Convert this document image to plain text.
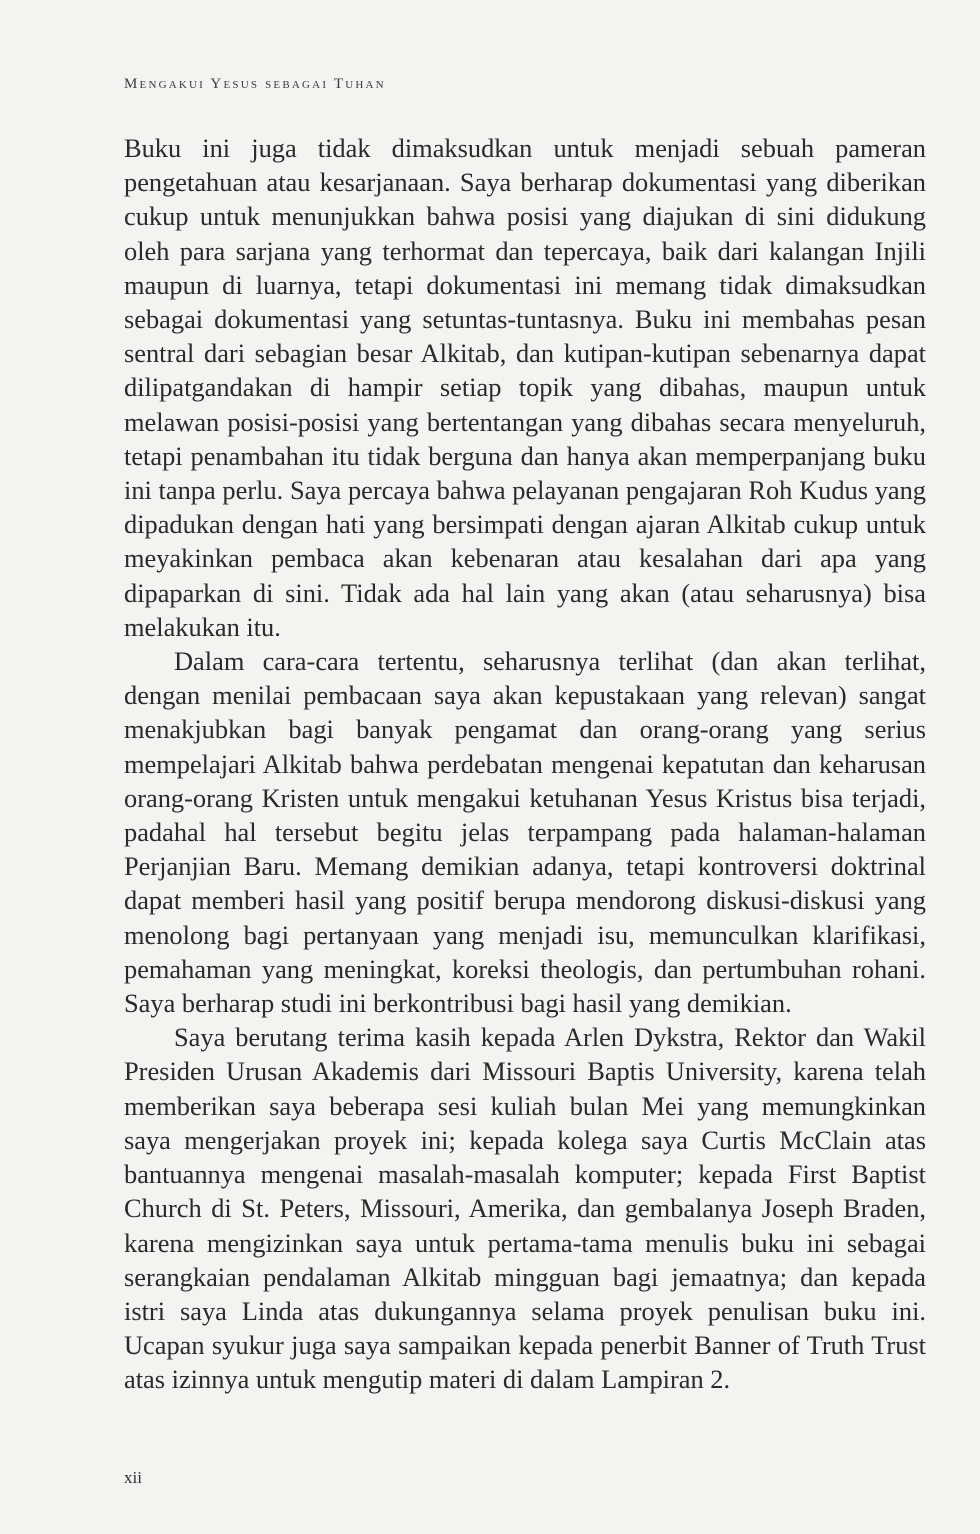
Mengakui Yesus sebagai Tuhan

Buku ini juga tidak dimaksudkan untuk menjadi sebuah pameran pengetahuan atau kesarjanaan. Saya berharap dokumentasi yang diberikan cukup untuk menunjukkan bahwa posisi yang diajukan di sini didukung oleh para sarjana yang terhormat dan tepercaya, baik dari kalangan Injili maupun di luarnya, tetapi dokumentasi ini memang tidak dimaksudkan sebagai dokumentasi yang setuntas-tuntasnya. Buku ini membahas pesan sentral dari sebagian besar Alkitab, dan kutipan-kutipan sebenarnya dapat dilipatgandakan di hampir setiap topik yang dibahas, maupun untuk melawan posisi-posisi yang bertentangan yang dibahas secara menyeluruh, tetapi penambahan itu tidak berguna dan hanya akan memperpanjang buku ini tanpa perlu. Saya percaya bahwa pelayanan pengajaran Roh Kudus yang dipadukan dengan hati yang bersimpati dengan ajaran Alkitab cukup untuk meyakinkan pembaca akan kebenaran atau kesalahan dari apa yang dipaparkan di sini. Tidak ada hal lain yang akan (atau seharusnya) bisa melakukan itu.

Dalam cara-cara tertentu, seharusnya terlihat (dan akan terlihat, dengan menilai pembacaan saya akan kepustakaan yang relevan) sangat menakjubkan bagi banyak pengamat dan orang-orang yang serius mempelajari Alkitab bahwa perdebatan mengenai kepatutan dan keharusan orang-orang Kristen untuk mengakui ketuhanan Yesus Kristus bisa terjadi, padahal hal tersebut begitu jelas terpampang pada halaman-halaman Perjanjian Baru. Memang demikian adanya, tetapi kontroversi doktrinal dapat memberi hasil yang positif berupa mendorong diskusi-diskusi yang menolong bagi pertanyaan yang menjadi isu, memunculkan klarifikasi, pemahaman yang meningkat, koreksi theologis, dan pertumbuhan rohani. Saya berharap studi ini berkontribusi bagi hasil yang demikian.

Saya berutang terima kasih kepada Arlen Dykstra, Rektor dan Wakil Presiden Urusan Akademis dari Missouri Baptis University, karena telah memberikan saya beberapa sesi kuliah bulan Mei yang memungkinkan saya mengerjakan proyek ini; kepada kolega saya Curtis McClain atas bantuannya mengenai masalah-masalah komputer; kepada First Baptist Church di St. Peters, Missouri, Amerika, dan gembalanya Joseph Braden, karena mengizinkan saya untuk pertama-tama menulis buku ini sebagai serangkaian pendalaman Alkitab mingguan bagi jemaatnya; dan kepada istri saya Linda atas dukungannya selama proyek penulisan buku ini. Ucapan syukur juga saya sampaikan kepada penerbit Banner of Truth Trust atas izinnya untuk mengutip materi di dalam Lampiran 2.

xii
